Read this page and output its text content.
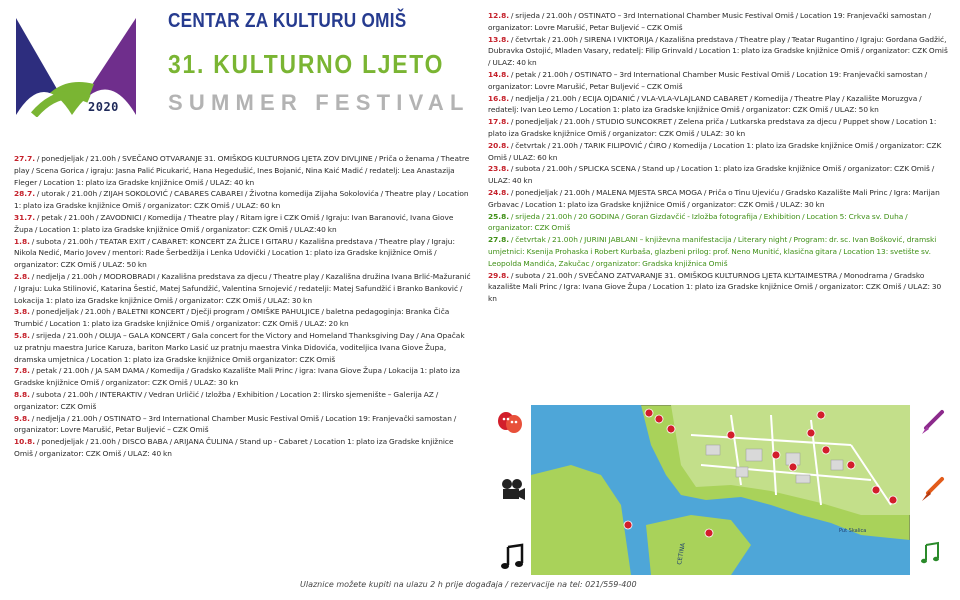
2020
CENTAR ZA KULTURU OMIŠ
31. KULTURNO LJETO
SUMMER FESTIVAL
27.7. / ponedjeljak / 21.00h / SVEČANO OTVARANJE 31. OMIŠKOG KULTURNOG LJETA ZOV DIVLJINE / Priča o ženama / Theatre play / Scena Gorica / igraju: Jasna Palić Picukarić, Hana Hegedušić, Ines Bojanić, Nina Kaić Madić / redatelj: Lea Anastazija Fleger / Location 1: plato iza Gradske knjižnice Omiš / ULAZ: 40 kn
28.7. / utorak / 21.00h / ZIJAH SOKOLOVIĆ / CABARES CABAREI / Životna komedija Zijaha Sokolovića / Theatre play / Location 1: plato iza Gradske knjižnice Omiš / organizator: CZK Omiš / ULAZ: 60 kn
31.7. / petak / 21.00h / ZAVODNICI / Komedija / Theatre play / Ritam igre i CZK Omiš / Igraju: Ivan Baranović, Ivana Giove Župa / Location 1: plato iza Gradske knjižnice Omiš / organizator: CZK Omiš / ULAZ:40 kn
1.8. / subota / 21.00h / TEATAR EXIT / CABARET: KONCERT ZA ŽLICE I GITARU / Kazališna predstava / Theatre play / Igraju: Nikola Nedić, Mario Jovev / mentori: Rade Šerbedžija i Lenka Udovički / Location 1: plato iza Gradske knjižnice Omiš / organizator: CZK Omiš / ULAZ: 50 kn
2.8. / nedjelja / 21.00h / MODROBRADI / Kazališna predstava za djecu / Theatre play / Kazališna družina Ivana Brlić-Mažuranić / Igraju: Luka Stilinović, Katarina Šestić, Matej Safundžić, Valentina Srnojević / redatelji: Matej Safundžić i Branko Banković / Lokacija 1: plato iza Gradske knjižnice Omiš / organizator: CZK Omiš / ULAZ: 30 kn
3.8. / ponedjeljak / 21.00h / BALETNI KONCERT / Dječji program / OMIŠKE PAHULJICE / baletna pedagoginja: Branka Čiča Trumbić / Location 1: plato iza Gradske knjižnice Omiš / organizator: CZK Omiš / ULAZ: 20 kn
5.8. / srijeda / 21.00h / OLUJA – GALA KONCERT / Gala concert for the Victory and Homeland Thanksgiving Day / Ana Opačak uz pratnju maestra Jurice Karuza, bariton Marko Lasić uz pratnju maestra Vinka Didovića, voditeljica Ivana Giove Župa, dramska umjetnica / Location 1: plato iza Gradske knjižnice Omiš organizator: CZK Omiš
7.8. / petak / 21.00h / JA SAM DAMA / Komedija / Gradsko Kazalište Mali Princ / igra: Ivana Giove Župa / Lokacija 1: plato iza Gradske knjižnice Omiš / organizator: CZK Omiš / ULAZ: 30 kn
8.8. / subota / 21.00h / INTERAKTIV / Vedran Urličić / Izložba / Exhibition / Location 2: Ilirsko sjemenište – Galerija AZ / organizator: CZK Omiš
9.8. / nedjelja / 21.00h / OSTINATO – 3rd International Chamber Music Festival Omiš / Location 19: Franjevački samostan / organizator: Lovre Marušić, Petar Buljević – CZK Omiš
10.8. / ponedjeljak / 21.00h / DISCO BABA / ARIJANA ČULINA / Stand up - Cabaret / Location 1: plato iza Gradske knjižnice Omiš / organizator: CZK Omiš / ULAZ: 40 kn
12.8. / srijeda / 21.00h / OSTINATO – 3rd International Chamber Music Festival Omiš / Location 19: Franjevački samostan / organizator: Lovre Marušić, Petar Buljević – CZK Omiš
13.8. / četvrtak / 21.00h / SIRENA I VIKTORIJA / Kazališna predstava / Theatre play / Teatar Rugantino / Igraju: Gordana Gadžić, Dubravka Ostojić, Mladen Vasary, redatelj: Filip Grinvald / Location 1: plato iza Gradske knjižnice Omiš / organizator: CZK Omiš / ULAZ: 40 kn
14.8. / petak / 21.00h / OSTINATO – 3rd International Chamber Music Festival Omiš / Location 19: Franjevački samostan / organizator: Lovre Marušić, Petar Buljević – CZK Omiš
16.8. / nedjelja / 21.00h / ECIJA OJDANIĆ / VLA-VLA-VLAJLAND CABARET / Komedija / Theatre Play / Kazalište Moruzgva / redatelj: Ivan Leo Lemo / Location 1: plato iza Gradske knjižnice Omiš / organizator: CZK Omiš / ULAZ: 50 kn
17.8. / ponedjeljak / 21.00h / STUDIO SUNCOKRET / Zelena priča / Lutkarska predstava za djecu / Puppet show / Location 1: plato iza Gradske knjižnice Omiš / organizator: CZK Omiš / ULAZ: 30 kn
20.8. / četvrtak / 21.00h / TARIK FILIPOVIĆ / ĆIRO / Komedija / Location 1: plato iza Gradske knjižnice Omiš / organizator: CZK Omiš / ULAZ: 60 kn
23.8. / subota / 21.00h / SPLICKA SCENA / Stand up / Location 1: plato iza Gradske knjižnice Omiš / organizator: CZK Omiš / ULAZ: 40 kn
24.8. / ponedjeljak / 21.00h / MALENA MJESTA SRCA MOGA / Priča o Tinu Ujeviću / Gradsko Kazalište Mali Princ / Igra: Marijan Grbavac / Location 1: plato iza Gradske knjižnice Omiš / organizator: CZK Omiš / ULAZ: 30 kn
25.8. / srijeda / 21.00h / 20 GODINA / Goran Gizdavčić - Izložba fotografija / Exhibition / Location 5: Crkva sv. Duha / organizator: CZK Omiš
27.8. / četvrtak / 21.00h / JURINI JABLANI – književna manifestacija / Literary night / Program: dr. sc. Ivan Bošković, dramski umjetnici: Ksenija Prohaska i Robert Kurbaša, glazbeni prilog: prof. Neno Munitić, klasična gitara / Location 13: svetište sv. Leopolda Mandića, Zakučac / organizator: Gradska knjižnica Omiš
29.8. / subota / 21.00h / SVEČANO ZATVARANJE 31. OMIŠKOG KULTURNOG LJETA KLYTAIMESTRA / Monodrama / Gradsko kazalište Mali Princ / Igra: Ivana Giove Župa / Location 1: plato iza Gradske knjižnice Omiš / organizator: CZK Omiš / ULAZ: 30 kn
CETINA
Put Skalica
Ulaznice možete kupiti na ulazu 2 h prije događaja / rezervacije na tel: 021/559-400
